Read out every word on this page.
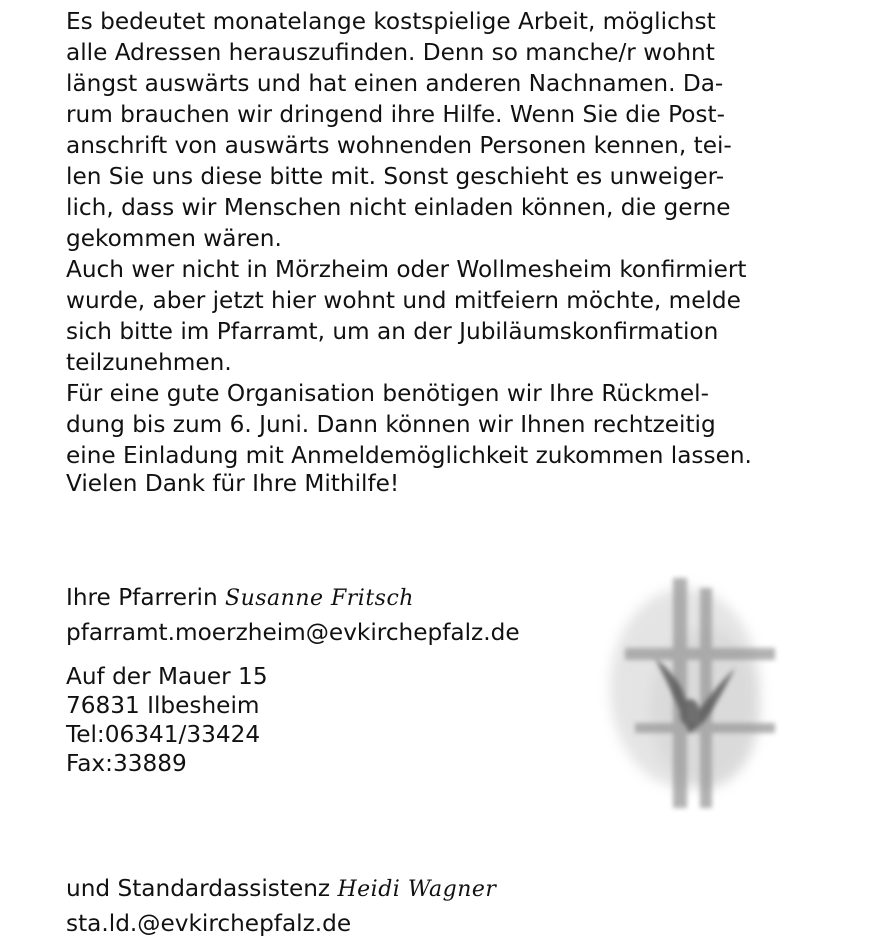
Es bedeutet monatelange kostspielige Arbeit, möglichst
alle Adressen herauszufinden. Denn so manche/r wohnt
längst auswärts und hat einen anderen Nachnamen. Da-
rum brauchen wir dringend ihre Hilfe. Wenn Sie die Post-
anschrift von auswärts wohnenden Personen kennen, tei-
len Sie uns diese bitte mit. Sonst geschieht es unweiger-
lich, dass wir Menschen nicht einladen können, die gerne
gekommen wären.
Auch wer nicht in Mörzheim oder Wollmesheim konfirmiert
wurde, aber jetzt hier wohnt und mitfeiern möchte, melde
sich bitte im Pfarramt, um an der Jubiläumskonfirmation
teilzunehmen.
Für eine gute Organisation benötigen wir Ihre Rückmel-
dung bis zum 6. Juni. Dann können wir Ihnen rechtzeitig
eine Einladung mit Anmeldemöglichkeit zukommen lassen.
Vielen Dank für Ihre Mithilfe!
Ihre Pfarrerin Susanne Fritsch
pfarramt.moerzheim@evkirchepfalz.de
Auf der Mauer 15
76831 Ilbesheim
Tel:06341/33424
Fax:33889
und Standardassistenz Heidi Wagner
sta.ld.@evkirchepfalz.de
